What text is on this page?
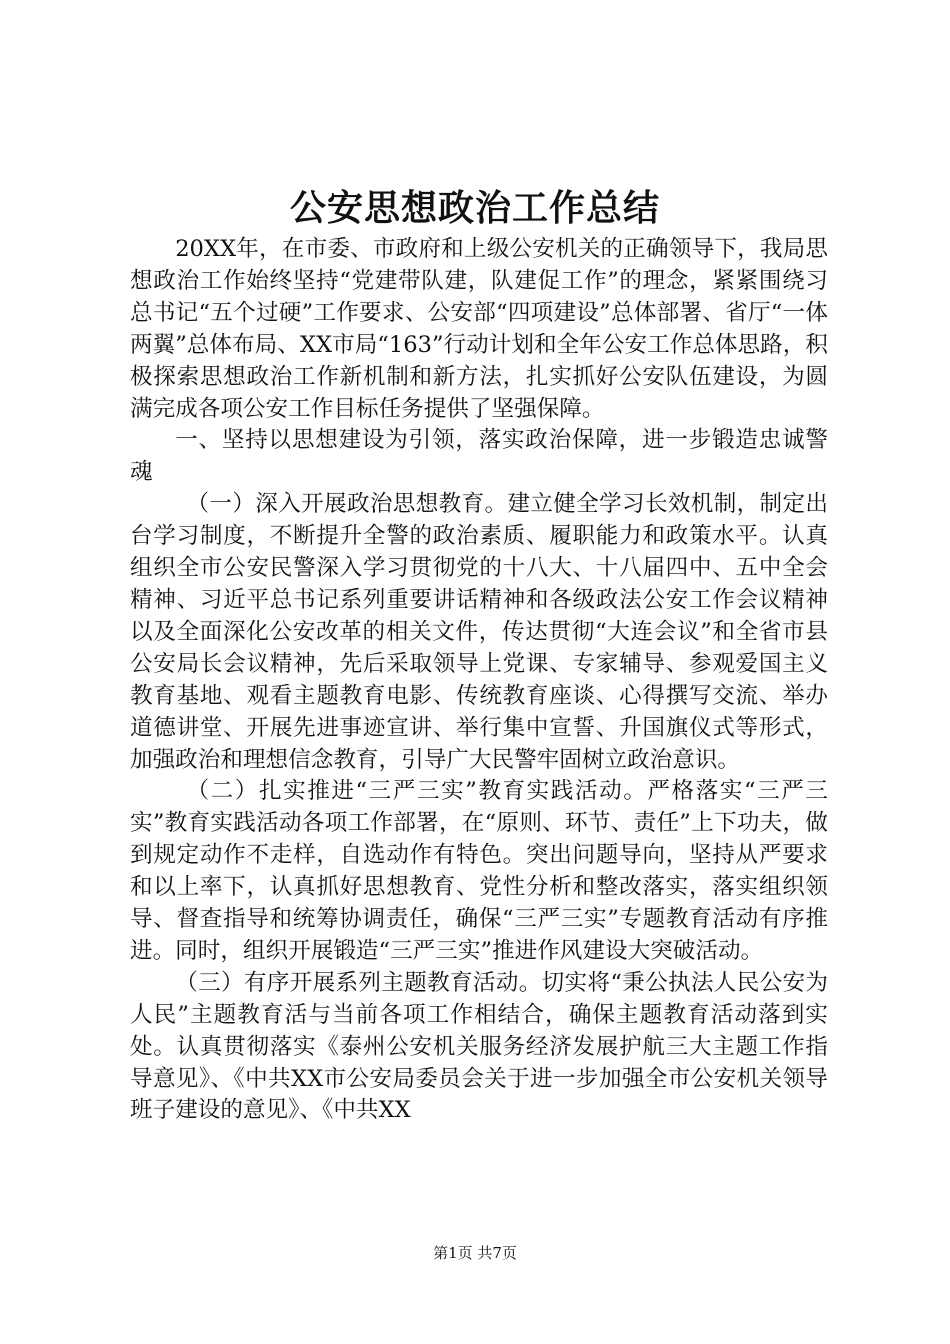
公安思想政治工作总结

20XX年，在市委、市政府和上级公安机关的正确领导下，我局思想政治工作始终坚持“党建带队建，队建促工作”的理念，紧紧围绕习总书记“五个过硬”工作要求、公安部“四项建设”总体部署、省厅“一体两翼”总体布局、XX市局“163”行动计划和全年公安工作总体思路，积极探索思想政治工作新机制和新方法，扎实抓好公安队伍建设，为圆满完成各项公安工作目标任务提供了坚强保障。

一、坚持以思想建设为引领，落实政治保障，进一步锻造忠诚警魂

（一）深入开展政治思想教育。建立健全学习长效机制，制定出台学习制度，不断提升全警的政治素质、履职能力和政策水平。认真组织全市公安民警深入学习贯彻党的十八大、十八届四中、五中全会精神、习近平总书记系列重要讲话精神和各级政法公安工作会议精神以及全面深化公安改革的相关文件，传达贯彻“大连会议”和全省市县公安局长会议精神，先后采取领导上党课、专家辅导、参观爱国主义教育基地、观看主题教育电影、传统教育座谈、心得撰写交流、举办道德讲堂、开展先进事迹宣讲、举行集中宣誓、升国旗仪式等形式，加强政治和理想信念教育，引导广大民警牢固树立政治意识。

（二）扎实推进“三严三实”教育实践活动。严格落实“三严三实”教育实践活动各项工作部署，在“原则、环节、责任”上下功夫，做到规定动作不走样，自选动作有特色。突出问题导向，坚持从严要求和以上率下，认真抓好思想教育、党性分析和整改落实，落实组织领导、督查指导和统筹协调责任，确保“三严三实”专题教育活动有序推进。同时，组织开展锻造“三严三实”推进作风建设大突破活动。

（三）有序开展系列主题教育活动。切实将“秉公执法人民公安为人民”主题教育活与当前各项工作相结合，确保主题教育活动落到实处。认真贯彻落实《泰州公安机关服务经济发展护航三大主题工作指导意见》、《中共XX市公安局委员会关于进一步加强全市公安机关领导班子建设的意见》、《中共XX

第1页 共7页
